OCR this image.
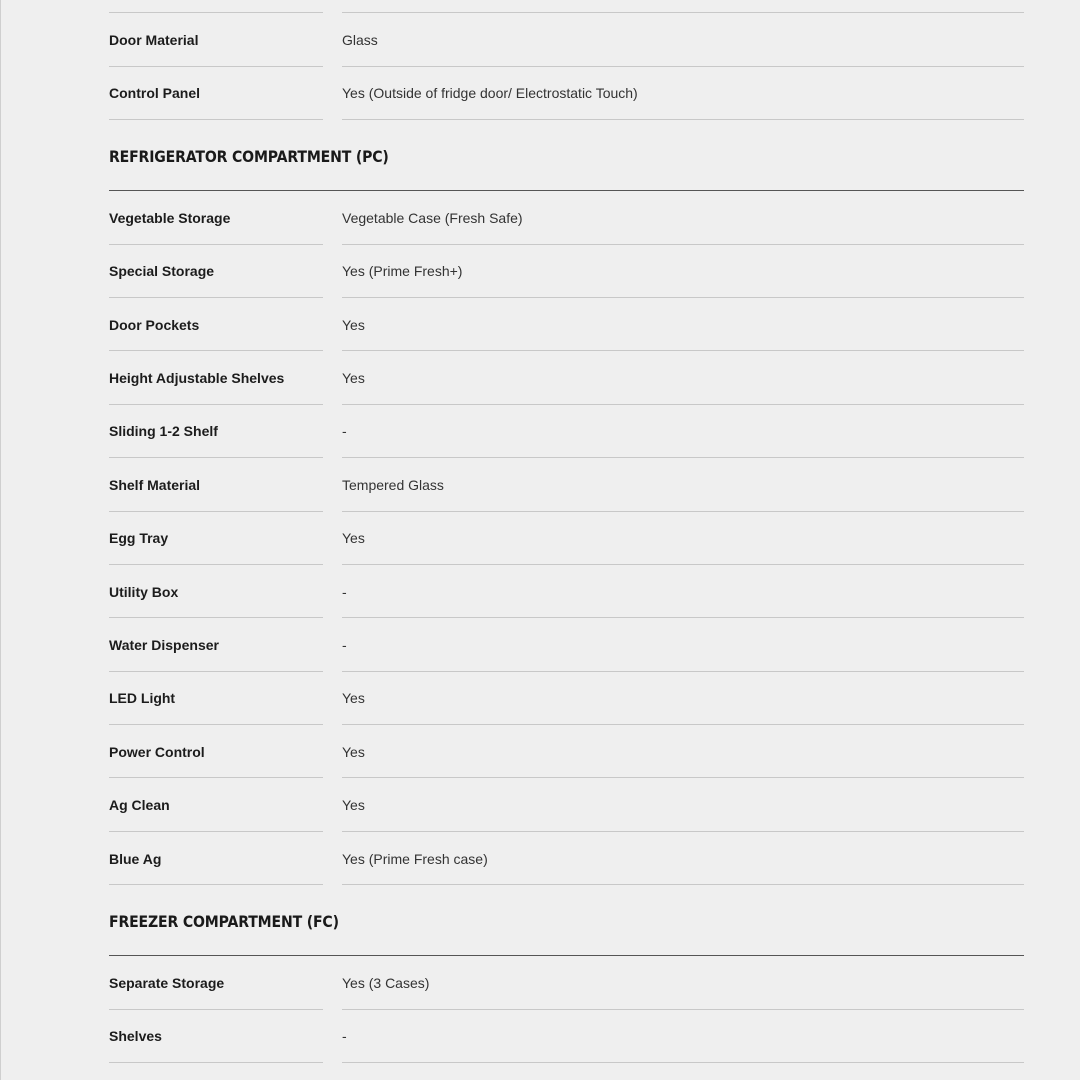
Door Material	Glass
Control Panel	Yes (Outside of fridge door/ Electrostatic Touch)
REFRIGERATOR COMPARTMENT (PC)
Vegetable Storage	Vegetable Case (Fresh Safe)
Special Storage	Yes (Prime Fresh+)
Door Pockets	Yes
Height Adjustable Shelves	Yes
Sliding 1-2 Shelf	-
Shelf Material	Tempered Glass
Egg Tray	Yes
Utility Box	-
Water Dispenser	-
LED Light	Yes
Power Control	Yes
Ag Clean	Yes
Blue Ag	Yes (Prime Fresh case)
FREEZER COMPARTMENT (FC)
Separate Storage	Yes (3 Cases)
Shelves	-
